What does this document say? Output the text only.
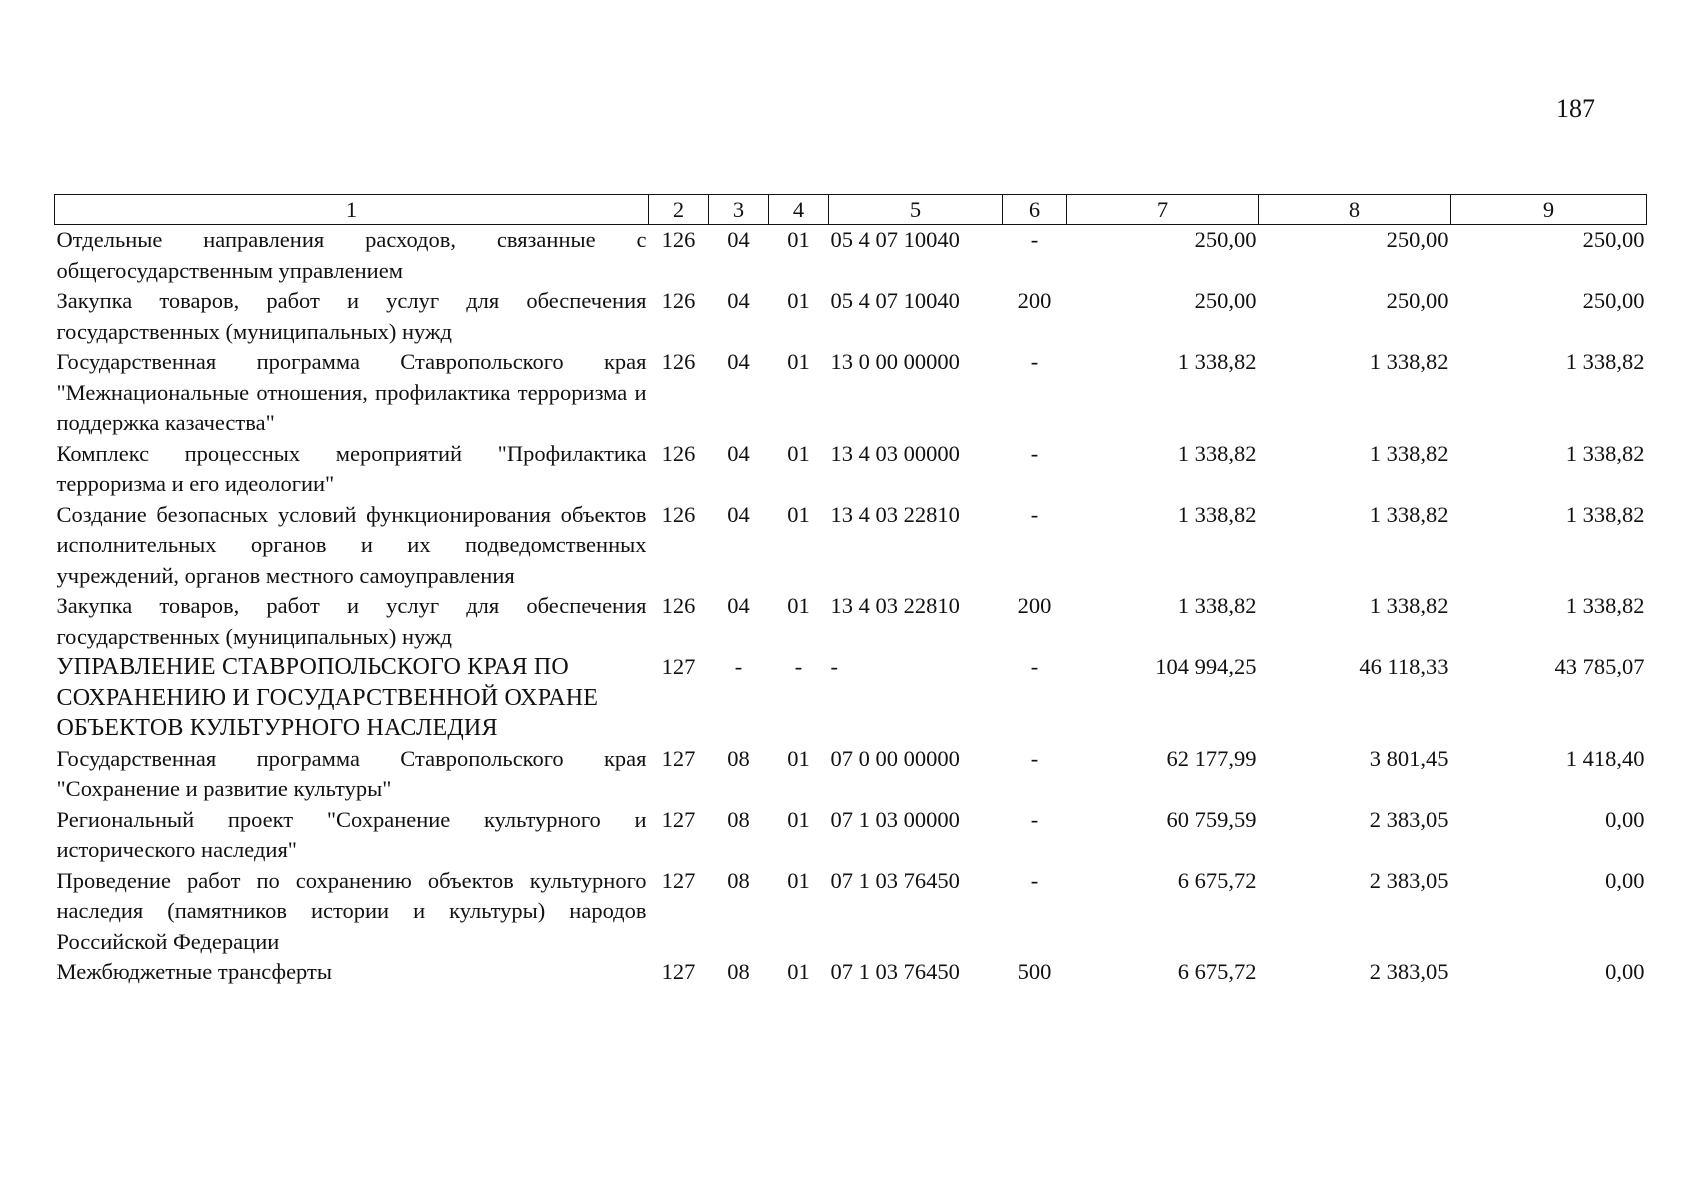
187
1	2	3	4	5	6	7	8	9
Отдельные направления расходов, связанные с общегосударственным управлением	126	04	01	05 4 07 10040	-	250,00	250,00	250,00
Закупка товаров, работ и услуг для обеспечения государственных (муниципальных) нужд	126	04	01	05 4 07 10040	200	250,00	250,00	250,00
Государственная программа Ставропольского края "Межнациональные отношения, профилактика терроризма и поддержка казачества"	126	04	01	13 0 00 00000	-	1 338,82	1 338,82	1 338,82
Комплекс процессных мероприятий "Профилактика терроризма и его идеологии"	126	04	01	13 4 03 00000	-	1 338,82	1 338,82	1 338,82
Создание безопасных условий функционирования объектов исполнительных органов и их подведомственных учреждений, органов местного самоуправления	126	04	01	13 4 03 22810	-	1 338,82	1 338,82	1 338,82
Закупка товаров, работ и услуг для обеспечения государственных (муниципальных) нужд	126	04	01	13 4 03 22810	200	1 338,82	1 338,82	1 338,82
УПРАВЛЕНИЕ СТАВРОПОЛЬСКОГО КРАЯ ПО СОХРАНЕНИЮ И ГОСУДАРСТВЕННОЙ ОХРАНЕ ОБЪЕКТОВ КУЛЬТУРНОГО НАСЛЕДИЯ	127	-	-	-	-	104 994,25	46 118,33	43 785,07
Государственная программа Ставропольского края "Сохранение и развитие культуры"	127	08	01	07 0 00 00000	-	62 177,99	3 801,45	1 418,40
Региональный проект "Сохранение культурного и исторического наследия"	127	08	01	07 1 03 00000	-	60 759,59	2 383,05	0,00
Проведение работ по сохранению объектов культурного наследия (памятников истории и культуры) народов Российской Федерации	127	08	01	07 1 03 76450	-	6 675,72	2 383,05	0,00
Межбюджетные трансферты	127	08	01	07 1 03 76450	500	6 675,72	2 383,05	0,00
